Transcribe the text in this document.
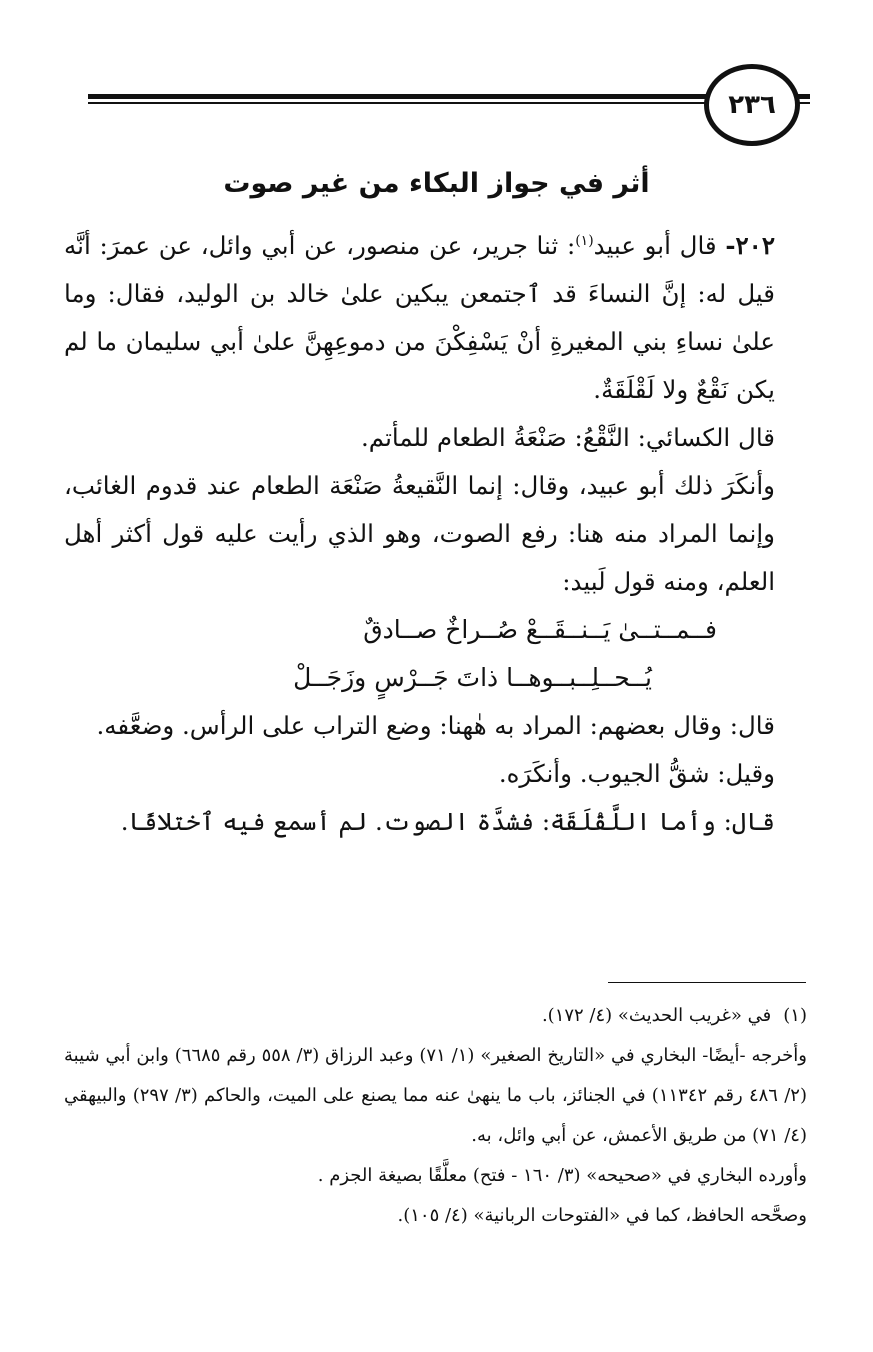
٢٣٦
أثر في جواز البكاء من غير صوت

٢٠٢- قال أبو عبيد$^{(١)}$: ثنا جرير، عن منصور، عن أبي وائل، عن عمرَ: أنَّه قيل له: إنَّ النساءَ قد ٱجتمعن يبكين علىٰ خالد بن الوليد، فقال: وما علىٰ نساءِ بني المغيرةِ أنْ يَسْفِكْنَ من دموعِهِنَّ علىٰ أبي سليمان ما لم يكن نَقْعٌ ولا لَقْلَقَةٌ.

قال الكسائي: النَّقْعُ: صَنْعَةُ الطعام للمأتم.

وأنكَرَ ذلك أبو عبيد، وقال: إنما النَّقيعةُ صَنْعَة الطعام عند قدوم الغائب، وإنما المراد منه هنا: رفع الصوت، وهو الذي رأيت عليه قول أكثر أهل العلم، ومنه قول لَبيد:

فــمــتــىٰ يَــنــقَــعْ صُــراخٌ صــادقٌ
يُــحــلِــبــوهــا ذاتَ جَــرْسٍ وزَجَــلْ

قال: وقال بعضهم: المراد به هٰهنا: وضع التراب على الرأس. وضعَّفه.

وقيل: شقُّ الجيوب. وأنكَرَه.

قال: وأما اللَّقْلَقَة: فشدَّة الصوت. لم أسمع فيه ٱختلافًا.

(١)
في «غريب الحديث» (٤/ ١٧٢).

وأخرجه -أيضًا- البخاري في «التاريخ الصغير» (١/ ٧١) وعبد الرزاق (٣/ ٥٥٨ رقم ٦٦٨٥) وابن أبي شيبة (٢/ ٤٨٦ رقم ١١٣٤٢) في الجنائز، باب ما ينهىٰ عنه مما يصنع على الميت، والحاكم (٣/ ٢٩٧) والبيهقي (٤/ ٧١) من طريق الأعمش، عن أبي وائل، به.

وأورده البخاري في «صحيحه» (٣/ ١٦٠ - فتح) معلَّقًا بصيغة الجزم .

وصحَّحه الحافظ، كما في «الفتوحات الربانية» (٤/ ١٠٥).
